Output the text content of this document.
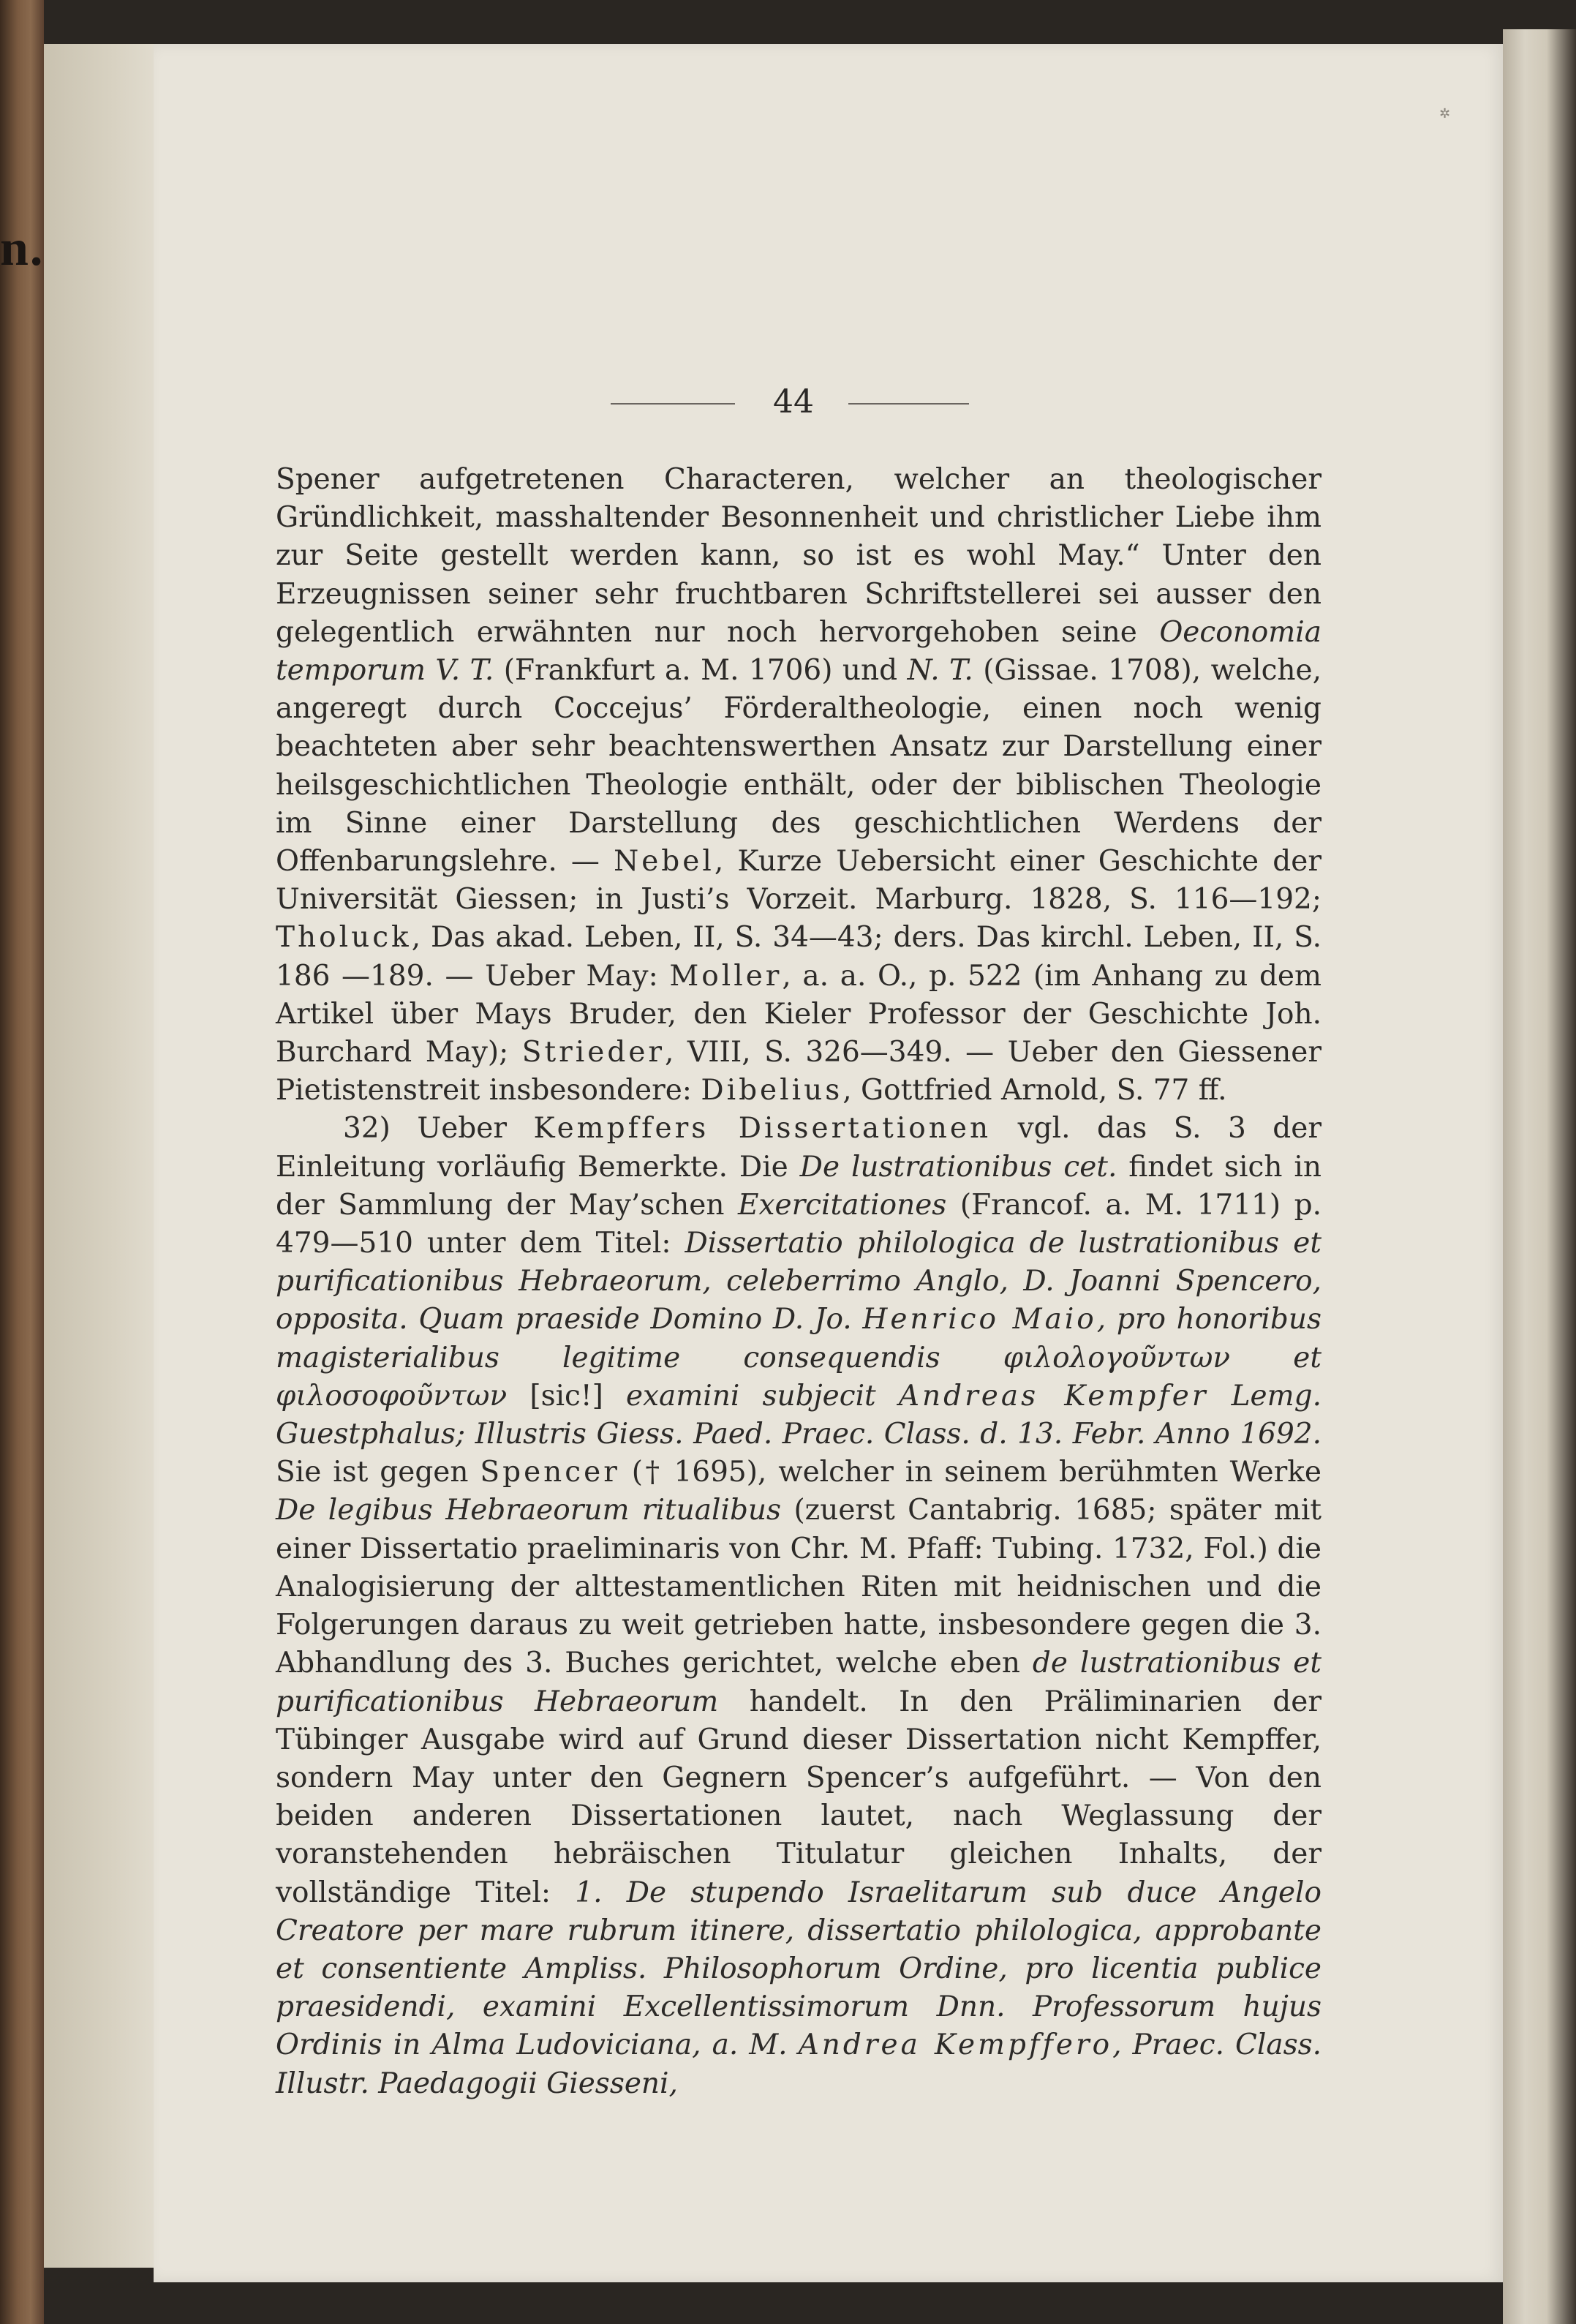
n.
✲
44

Spener aufgetretenen Characteren, welcher an theologischer Gründlichkeit, masshaltender Besonnenheit und christlicher Liebe ihm zur Seite gestellt werden kann, so ist es wohl May.“ Unter den Erzeugnissen seiner sehr fruchtbaren Schriftstellerei sei ausser den gelegentlich erwähnten nur noch hervorgehoben seine Oeconomia temporum V. T. (Frankfurt a. M. 1706) und N. T. (Gissae. 1708), welche, angeregt durch Coccejus’ Förderaltheologie, einen noch wenig beachteten aber sehr beachtenswerthen Ansatz zur Darstellung einer heilsgeschichtlichen Theologie enthält, oder der biblischen Theologie im Sinne einer Darstellung des geschichtlichen Werdens der Offenbarungslehre. — Nebel, Kurze Uebersicht einer Geschichte der Universität Giessen; in Justi’s Vorzeit. Marburg. 1828, S. 116—192; Tholuck, Das akad. Leben, II, S. 34—43; ders. Das kirchl. Leben, II, S. 186 —189. — Ueber May: Moller, a. a. O., p. 522 (im Anhang zu dem Artikel über Mays Bruder, den Kieler Professor der Geschichte Joh. Burchard May); Strieder, VIII, S. 326—349. — Ueber den Giessener Pietistenstreit insbesondere: Dibelius, Gottfried Arnold, S. 77 ff.

32) Ueber Kempffers Dissertationen vgl. das S. 3 der Einleitung vorläufig Bemerkte. Die De lustrationibus cet. findet sich in der Sammlung der May’schen Exercitationes (Francof. a. M. 1711) p. 479—510 unter dem Titel: Dissertatio philologica de lustrationibus et purificationibus Hebraeorum, celeberrimo Anglo, D. Joanni Spencero, opposita. Quam praeside Domino D. Jo. Henrico Maio, pro honoribus magisterialibus legitime consequendis φιλολογοῦντων et φιλοσοφοῦντων [sic!] examini subjecit Andreas Kempfer Lemg. Guestphalus; Illustris Giess. Paed. Praec. Class. d. 13. Febr. Anno 1692. Sie ist gegen Spencer († 1695), welcher in seinem berühmten Werke De legibus Hebraeorum ritualibus (zuerst Cantabrig. 1685; später mit einer Dissertatio praeliminaris von Chr. M. Pfaff: Tubing. 1732, Fol.) die Analogisierung der alttestamentlichen Riten mit heidnischen und die Folgerungen daraus zu weit getrieben hatte, insbesondere gegen die 3. Abhandlung des 3. Buches gerichtet, welche eben de lustrationibus et purificationibus Hebraeorum handelt. In den Präliminarien der Tübinger Ausgabe wird auf Grund dieser Dissertation nicht Kempffer, sondern May unter den Gegnern Spencer’s aufgeführt. — Von den beiden anderen Dissertationen lautet, nach Weglassung der voranstehenden hebräischen Titulatur gleichen Inhalts, der vollständige Titel: 1. De stupendo Israelitarum sub duce Angelo Creatore per mare rubrum itinere, dissertatio philologica, approbante et consentiente Ampliss. Philosophorum Ordine, pro licentia publice praesidendi, examini Excellentissimorum Dnn. Professorum hujus Ordinis in Alma Ludoviciana, a. M. Andrea Kempffero, Praec. Class. Illustr. Paedagogii Giesseni,
